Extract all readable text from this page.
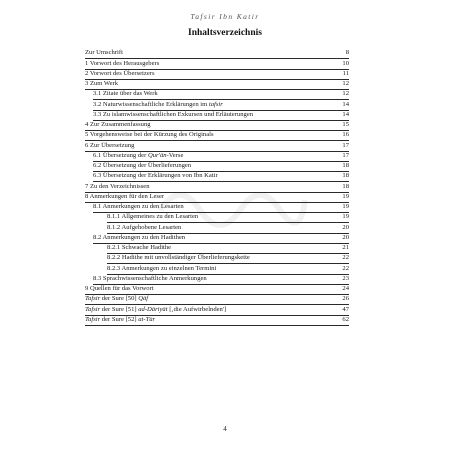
Tafsir Ibn Katir
Inhaltsverzeichnis
Zur Umschrift	8
1 Vorwort des Herausgebers	10
2 Vorwort des Übersetzers	11
3 Zum Werk	12
3.1 Zitate über das Werk	12
3.2 Naturwissenschaftliche Erklärungen im tafsir	14
3.3 Zu islamwissenschaftlichen Exkursen und Erläuterungen	14
4 Zur Zusammenfassung	15
5 Vorgehensweise bei der Kürzung des Originals	16
6 Zur Übersetzung	17
6.1 Übersetzung der Qur'ān-Verse	17
6.2 Übersetzung der Überlieferungen	18
6.3 Übersetzung der Erklärungen von Ibn Katir	18
7 Zu den Verzeichnissen	18
8 Anmerkungen für den Leser	19
8.1 Anmerkungen zu den Lesarten	19
8.1.1 Allgemeines zu den Lesarten	19
8.1.2 Aufgehobene Lesarten	20
8.2 Anmerkungen zu den Hadithen	20
8.2.1 Schwache Hadithe	21
8.2.2 Hadithe mit unvollständiger Überlieferungskette	22
8.2.3 Anmerkungen zu einzelnen Termini	22
8.3 Sprachwissenschaftliche Anmerkungen	23
9 Quellen für das Vorwort	24
Tafsir der Sure [50] Qāf	26
Tafsir der Sure [51] ad-Dāriyāt [‚die Aufwirbelnden']	47
Tafsir der Sure [52] at-Tūr	62
4
